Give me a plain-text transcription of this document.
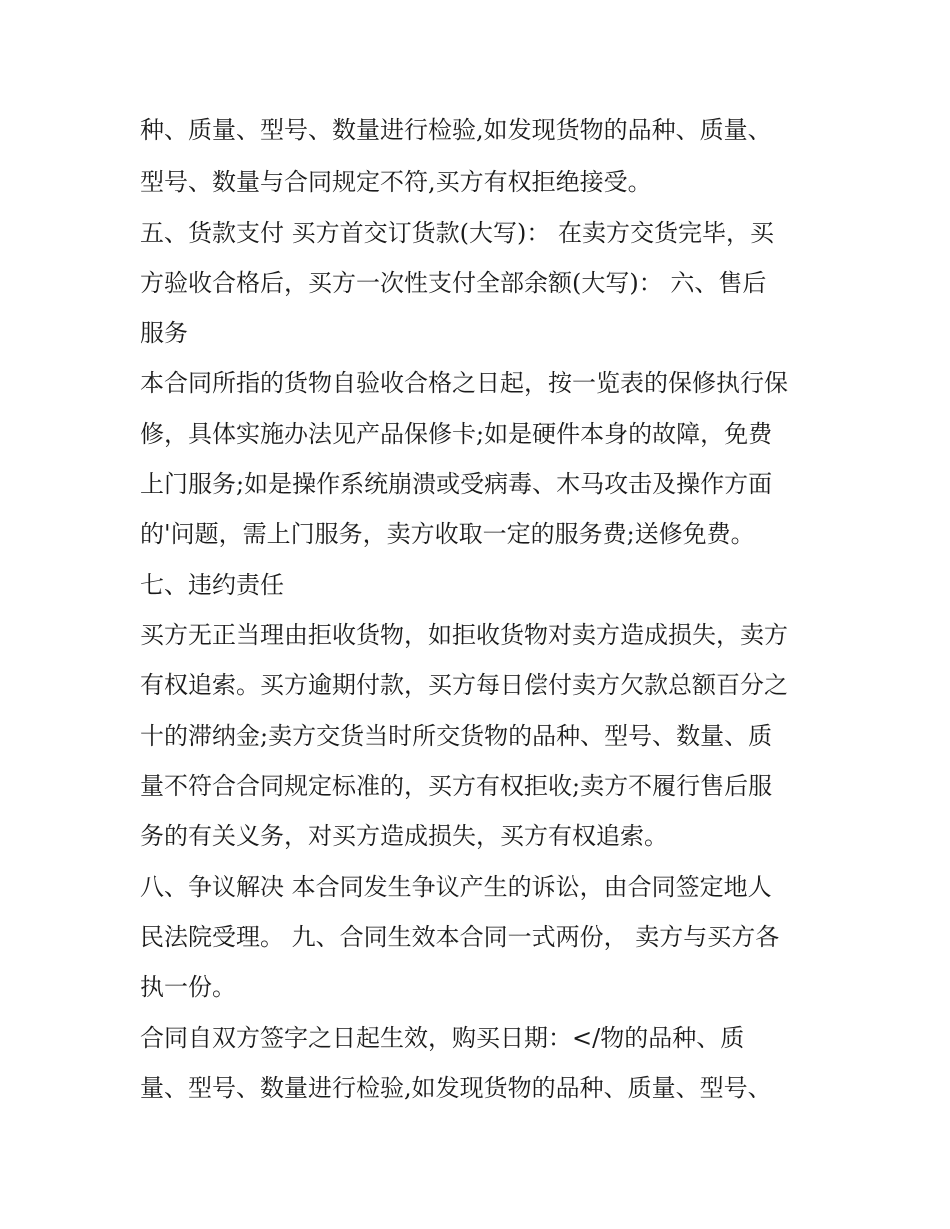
种、质量、型号、数量进行检验,如发现货物的品种、质量、
型号、数量与合同规定不符,买方有权拒绝接受。
五、货款支付 买方首交订货款(大写)： 在卖方交货完毕，买
方验收合格后，买方一次性支付全部余额(大写)： 六、售后
服务
本合同所指的货物自验收合格之日起，按一览表的保修执行保
修，具体实施办法见产品保修卡;如是硬件本身的故障，免费
上门服务;如是操作系统崩溃或受病毒、木马攻击及操作方面
的'问题，需上门服务，卖方收取一定的服务费;送修免费。
七、违约责任
买方无正当理由拒收货物，如拒收货物对卖方造成损失，卖方
有权追索。买方逾期付款，买方每日偿付卖方欠款总额百分之
十的滞纳金;卖方交货当时所交货物的品种、型号、数量、质
量不符合合同规定标准的，买方有权拒收;卖方不履行售后服
务的有关义务，对买方造成损失，买方有权追索。
八、争议解决 本合同发生争议产生的诉讼，由合同签定地人
民法院受理。 九、合同生效本合同一式两份， 卖方与买方各
执一份。
合同自双方签字之日起生效，购买日期：</物的品种、质
量、型号、数量进行检验,如发现货物的品种、质量、型号、
